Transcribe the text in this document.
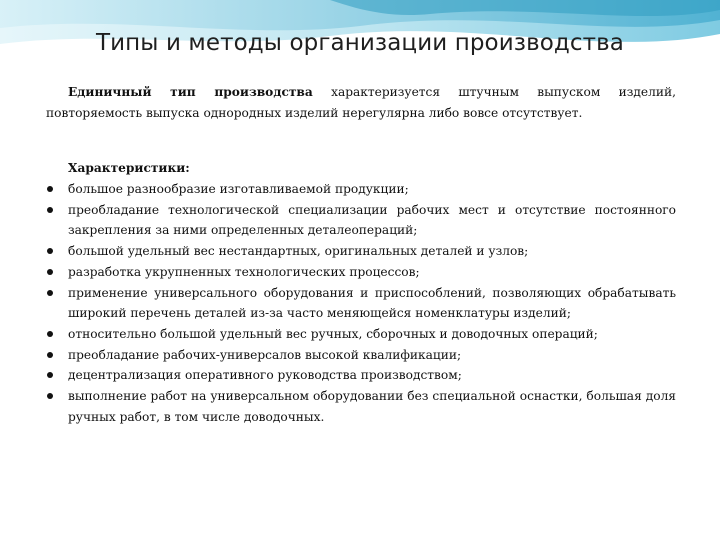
Типы и методы организации производства

Единичный тип производства характеризуется штучным выпуском изделий, повторяемость выпуска однородных изделий нерегулярна либо вовсе отсутствует.

Характеристики:
большое разнообразие изготавливаемой продукции;
преобладание технологической специализации рабочих мест и отсутствие постоянного закрепления за ними определенных деталеопераций;
большой удельный вес нестандартных, оригинальных деталей и узлов;
разработка укрупненных технологических процессов;
применение универсального оборудования и приспособлений, позволяющих обрабатывать широкий перечень деталей из-за часто меняющейся номенклатуры изделий;
относительно большой удельный вес ручных, сборочных и доводочных операций;
преобладание рабочих-универсалов высокой квалификации;
децентрализация оперативного руководства производством;
выполнение работ на универсальном оборудовании без специальной оснастки, большая доля ручных работ, в том числе доводочных.
